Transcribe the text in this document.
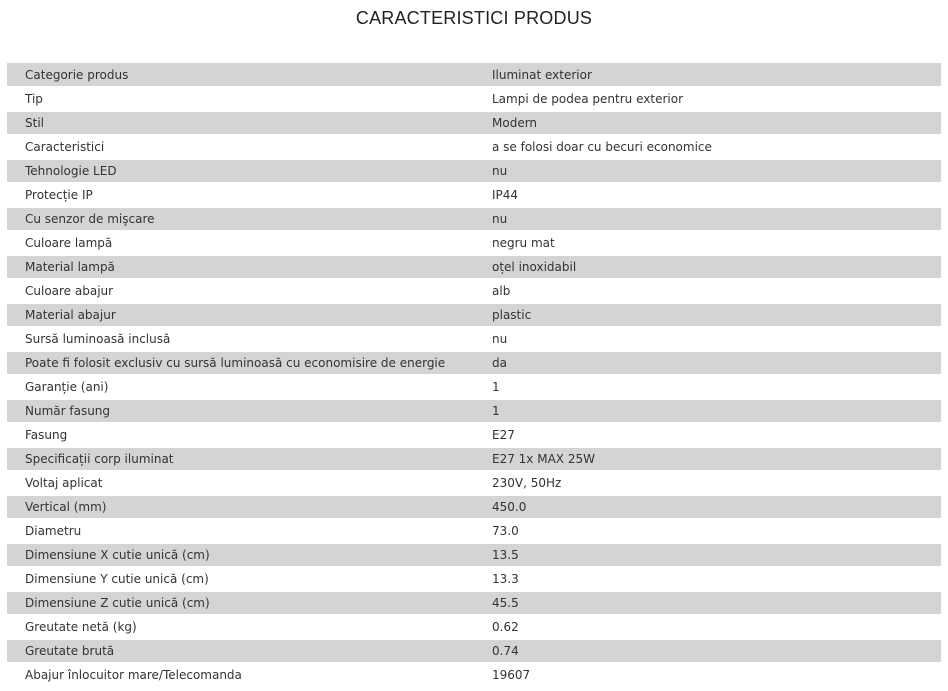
CARACTERISTICI PRODUS
Categorie produs	Iluminat exterior
Tip	Lampi de podea pentru exterior
Stil	Modern
Caracteristici	a se folosi doar cu becuri economice
Tehnologie LED	nu
Protecție IP	IP44
Cu senzor de mişcare	nu
Culoare lampă	negru mat
Material lampă	oțel inoxidabil
Culoare abajur	alb
Material abajur	plastic
Sursă luminoasă inclusă	nu
Poate fi folosit exclusiv cu sursă luminoasă cu economisire de energie	da
Garanție (ani)	1
Număr fasung	1
Fasung	E27
Specificații corp iluminat	E27 1x MAX 25W
Voltaj aplicat	230V, 50Hz
Vertical (mm)	450.0
Diametru	73.0
Dimensiune X cutie unică (cm)	13.5
Dimensiune Y cutie unică (cm)	13.3
Dimensiune Z cutie unică (cm)	45.5
Greutate netă (kg)	0.62
Greutate brută	0.74
Abajur înlocuitor mare/Telecomanda	19607
